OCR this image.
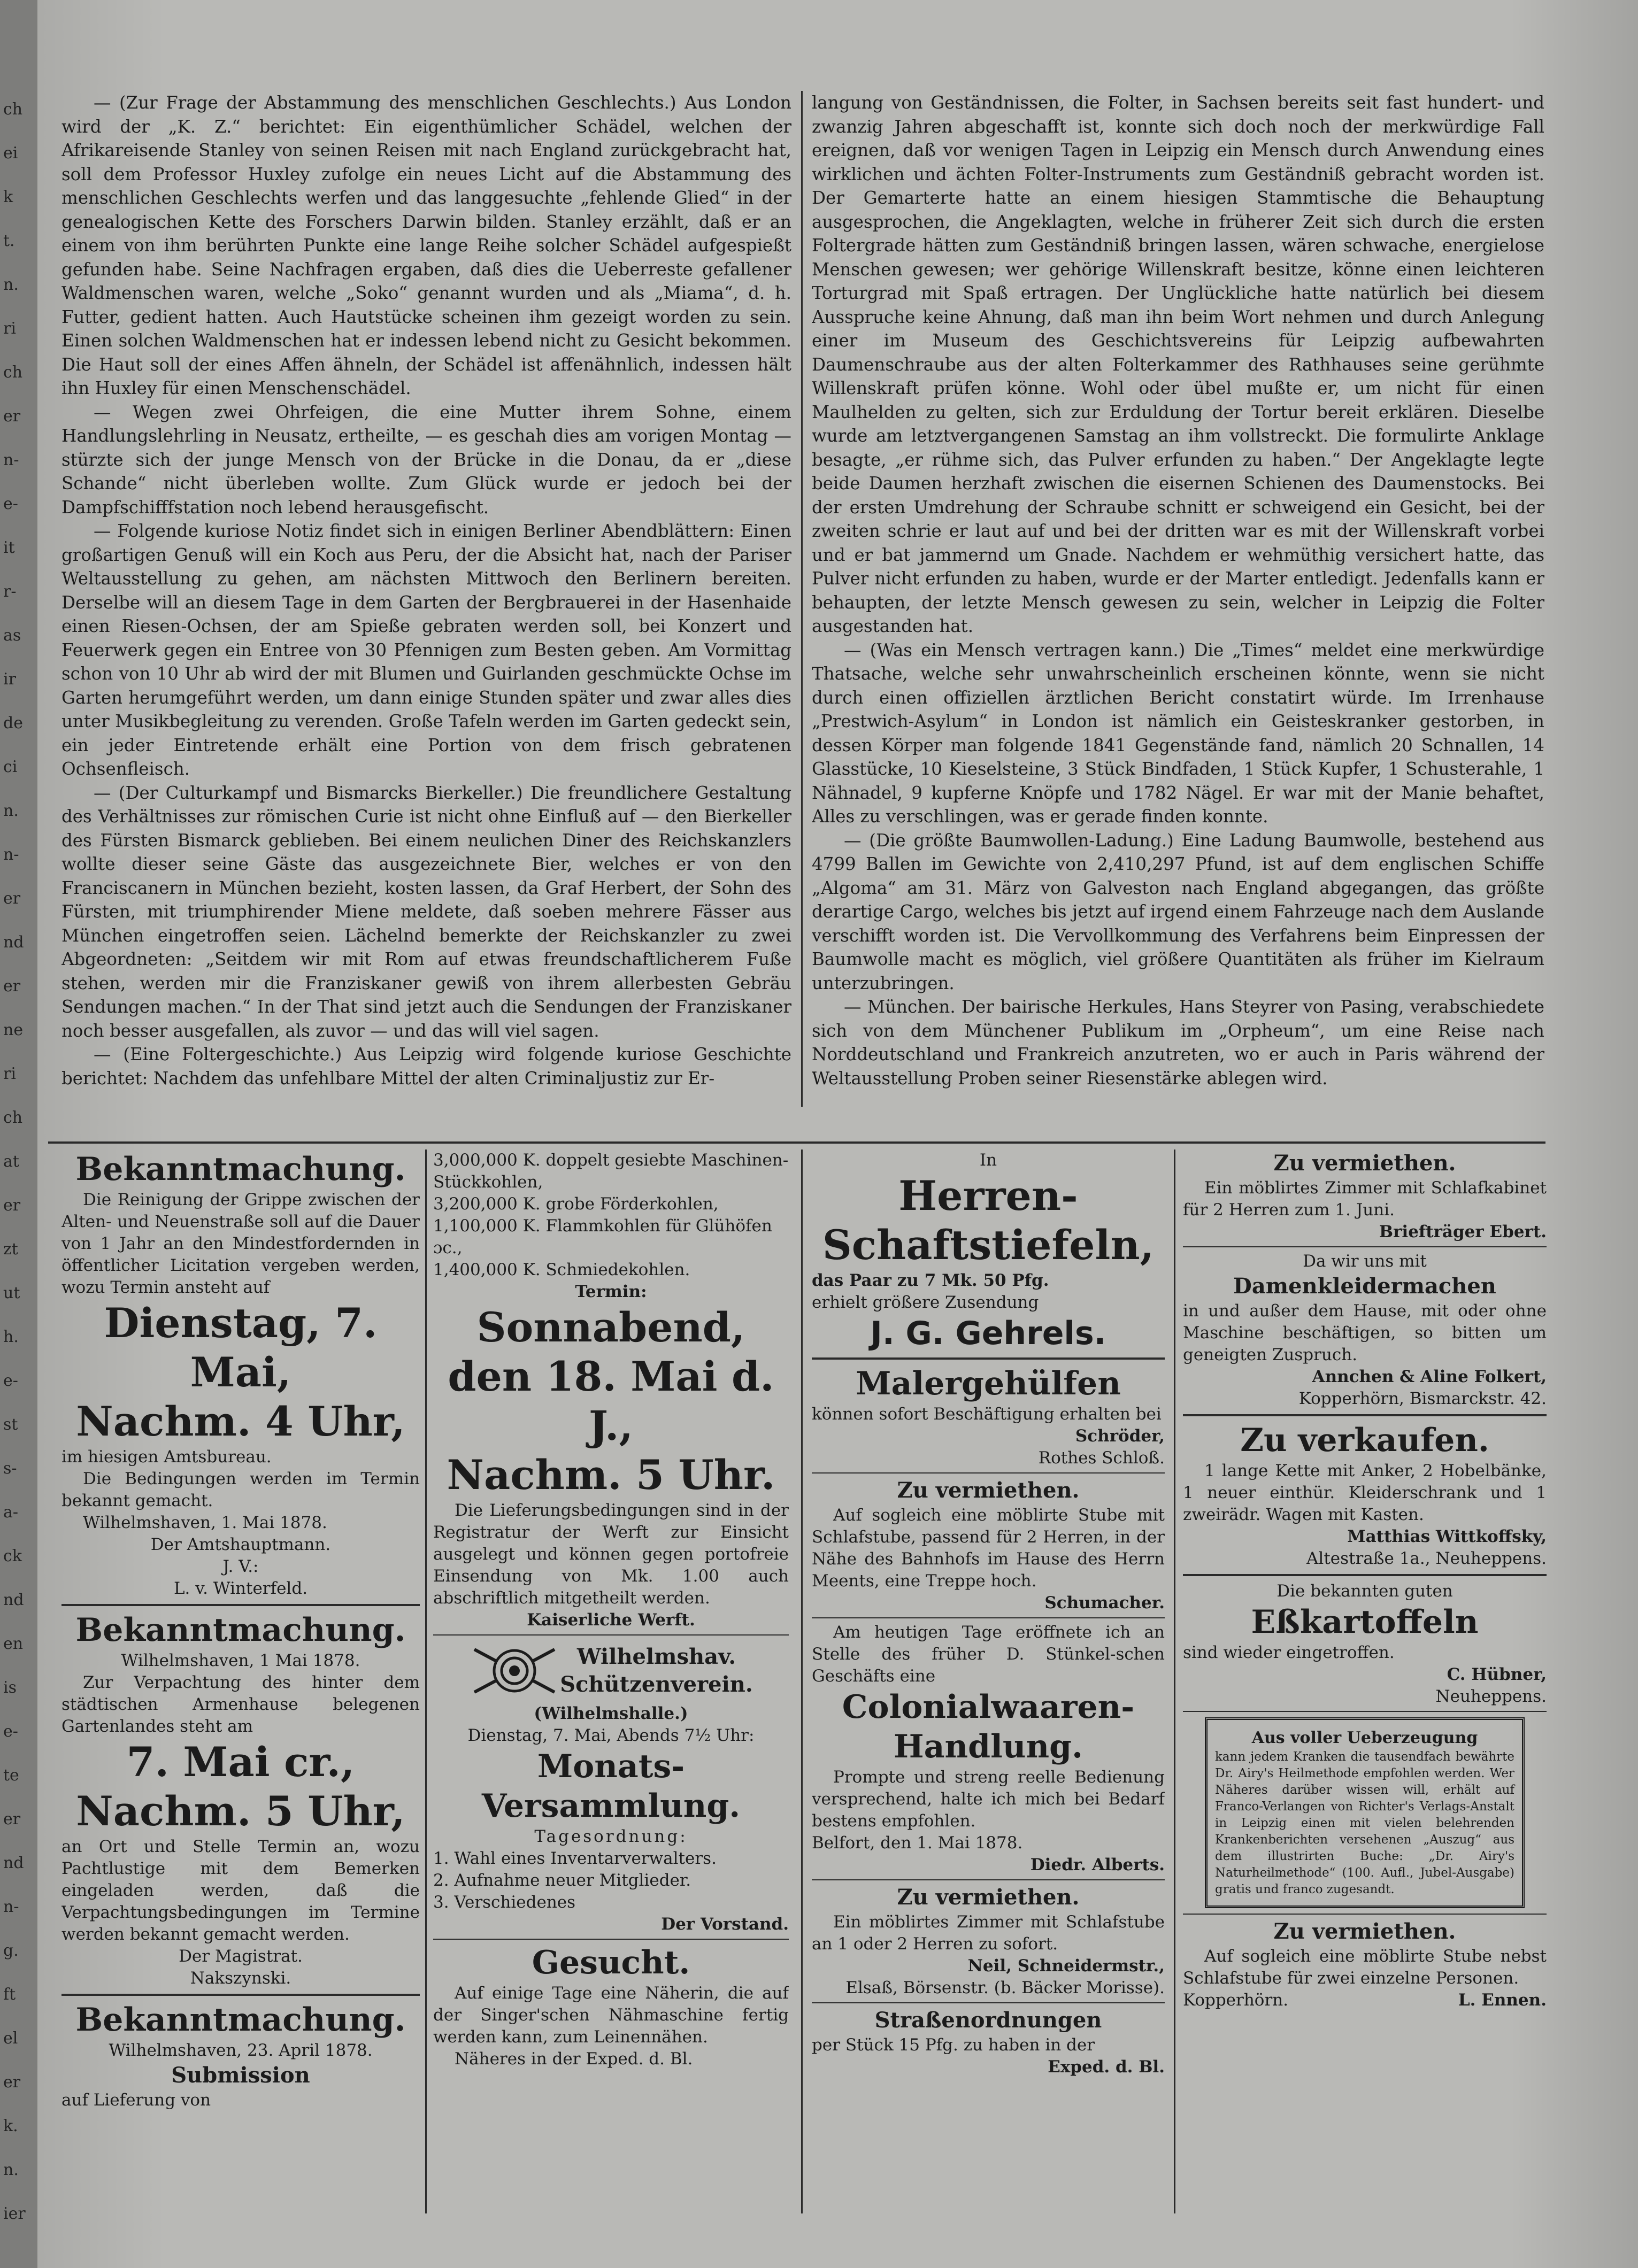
ch
ei
k
t.
n.
ri
ch
er
n-
e-
it
r-
as
ir
de
ci
n.
n-
er
nd
er
ne
ri
ch
at
er
zt
ut
h.
e-
st
s-
a-
ck
nd
en
is
e-
te
er
nd
n-
g.
ft
el
er
k.
n.
ier

— (Zur Frage der Abstammung des menschlichen Geschlechts.) Aus London wird der „K. Z.“ berichtet: Ein eigenthümlicher Schädel, welchen der Afrikareisende Stanley von seinen Reisen mit nach England zurückgebracht hat, soll dem Professor Huxley zufolge ein neues Licht auf die Abstammung des menschlichen Geschlechts werfen und das langgesuchte „fehlende Glied“ in der genealogischen Kette des Forschers Darwin bilden. Stanley erzählt, daß er an einem von ihm berührten Punkte eine lange Reihe solcher Schädel aufgespießt gefunden habe. Seine Nachfragen ergaben, daß dies die Ueberreste gefallener Waldmenschen waren, welche „Soko“ genannt wurden und als „Miama“, d. h. Futter, gedient hatten. Auch Hautstücke scheinen ihm gezeigt worden zu sein. Einen solchen Waldmenschen hat er indessen lebend nicht zu Gesicht bekommen. Die Haut soll der eines Affen ähneln, der Schädel ist affenähnlich, indessen hält ihn Huxley für einen Menschenschädel.

— Wegen zwei Ohrfeigen, die eine Mutter ihrem Sohne, einem Handlungslehrling in Neusatz, ertheilte, — es geschah dies am vorigen Montag — stürzte sich der junge Mensch von der Brücke in die Donau, da er „diese Schande“ nicht überleben wollte. Zum Glück wurde er jedoch bei der Dampfschifffstation noch lebend herausgefischt.

— Folgende kuriose Notiz findet sich in einigen Berliner Abendblättern: Einen großartigen Genuß will ein Koch aus Peru, der die Absicht hat, nach der Pariser Weltausstellung zu gehen, am nächsten Mittwoch den Berlinern bereiten. Derselbe will an diesem Tage in dem Garten der Bergbrauerei in der Hasenhaide einen Riesen-Ochsen, der am Spieße gebraten werden soll, bei Konzert und Feuerwerk gegen ein Entree von 30 Pfennigen zum Besten geben. Am Vormittag schon von 10 Uhr ab wird der mit Blumen und Guirlanden geschmückte Ochse im Garten herumgeführt werden, um dann einige Stunden später und zwar alles dies unter Musikbegleitung zu verenden. Große Tafeln werden im Garten gedeckt sein, ein jeder Eintretende erhält eine Portion von dem frisch gebratenen Ochsenfleisch.

— (Der Culturkampf und Bismarcks Bierkeller.) Die freundlichere Gestaltung des Verhältnisses zur römischen Curie ist nicht ohne Einfluß auf — den Bierkeller des Fürsten Bismarck geblieben. Bei einem neulichen Diner des Reichskanzlers wollte dieser seine Gäste das ausgezeichnete Bier, welches er von den Franciscanern in München bezieht, kosten lassen, da Graf Herbert, der Sohn des Fürsten, mit triumphirender Miene meldete, daß soeben mehrere Fässer aus München eingetroffen seien. Lächelnd bemerkte der Reichskanzler zu zwei Abgeordneten: „Seitdem wir mit Rom auf etwas freundschaftlicherem Fuße stehen, werden mir die Franziskaner gewiß von ihrem allerbesten Gebräu Sendungen machen.“ In der That sind jetzt auch die Sendungen der Franziskaner noch besser ausgefallen, als zuvor — und das will viel sagen.

— (Eine Foltergeschichte.) Aus Leipzig wird folgende kuriose Geschichte berichtet: Nachdem das unfehlbare Mittel der alten Criminaljustiz zur Er-

langung von Geständnissen, die Folter, in Sachsen bereits seit fast hundert- und zwanzig Jahren abgeschafft ist, konnte sich doch noch der merkwürdige Fall ereignen, daß vor wenigen Tagen in Leipzig ein Mensch durch Anwendung eines wirklichen und ächten Folter-Instruments zum Geständniß gebracht worden ist. Der Gemarterte hatte an einem hiesigen Stammtische die Behauptung ausgesprochen, die Angeklagten, welche in früherer Zeit sich durch die ersten Foltergrade hätten zum Geständniß bringen lassen, wären schwache, energielose Menschen gewesen; wer gehörige Willenskraft besitze, könne einen leichteren Torturgrad mit Spaß ertragen. Der Unglückliche hatte natürlich bei diesem Ausspruche keine Ahnung, daß man ihn beim Wort nehmen und durch Anlegung einer im Museum des Geschichtsvereins für Leipzig aufbewahrten Daumenschraube aus der alten Folterkammer des Rathhauses seine gerühmte Willenskraft prüfen könne. Wohl oder übel mußte er, um nicht für einen Maulhelden zu gelten, sich zur Erduldung der Tortur bereit erklären. Dieselbe wurde am letztvergangenen Samstag an ihm vollstreckt. Die formulirte Anklage besagte, „er rühme sich, das Pulver erfunden zu haben.“ Der Angeklagte legte beide Daumen herzhaft zwischen die eisernen Schienen des Daumenstocks. Bei der ersten Umdrehung der Schraube schnitt er schweigend ein Gesicht, bei der zweiten schrie er laut auf und bei der dritten war es mit der Willenskraft vorbei und er bat jammernd um Gnade. Nachdem er wehmüthig versichert hatte, das Pulver nicht erfunden zu haben, wurde er der Marter entledigt. Jedenfalls kann er behaupten, der letzte Mensch gewesen zu sein, welcher in Leipzig die Folter ausgestanden hat.

— (Was ein Mensch vertragen kann.) Die „Times“ meldet eine merkwürdige Thatsache, welche sehr unwahrscheinlich erscheinen könnte, wenn sie nicht durch einen offiziellen ärztlichen Bericht constatirt würde. Im Irrenhause „Prestwich-Asylum“ in London ist nämlich ein Geisteskranker gestorben, in dessen Körper man folgende 1841 Gegenstände fand, nämlich 20 Schnallen, 14 Glasstücke, 10 Kieselsteine, 3 Stück Bindfaden, 1 Stück Kupfer, 1 Schusterahle, 1 Nähnadel, 9 kupferne Knöpfe und 1782 Nägel. Er war mit der Manie behaftet, Alles zu verschlingen, was er gerade finden konnte.

— (Die größte Baumwollen-Ladung.) Eine Ladung Baumwolle, bestehend aus 4799 Ballen im Gewichte von 2,410,297 Pfund, ist auf dem englischen Schiffe „Algoma“ am 31. März von Galveston nach England abgegangen, das größte derartige Cargo, welches bis jetzt auf irgend einem Fahrzeuge nach dem Auslande verschifft worden ist. Die Vervollkommung des Verfahrens beim Einpressen der Baumwolle macht es möglich, viel größere Quantitäten als früher im Kielraum unterzubringen.

— München. Der bairische Herkules, Hans Steyrer von Pasing, verabschiedete sich von dem Münchener Publikum im „Orpheum“, um eine Reise nach Norddeutschland und Frankreich anzutreten, wo er auch in Paris während der Weltausstellung Proben seiner Riesenstärke ablegen wird.

Bekanntmachung.
Die Reinigung der Grippe zwischen der Alten- und Neuenstraße soll auf die Dauer von 1 Jahr an den Mindestfordernden in öffentlicher Licitation vergeben werden, wozu Termin ansteht auf
Dienstag, 7. Mai,
Nachm. 4 Uhr,
im hiesigen Amtsbureau.
Die Bedingungen werden im Termin bekannt gemacht.
Wilhelmshaven, 1. Mai 1878.
Der Amtshauptmann.
J. V.:
L. v. Winterfeld.
Bekanntmachung.
Wilhelmshaven, 1 Mai 1878.
Zur Verpachtung des hinter dem städtischen Armenhause belegenen Gartenlandes steht am
7. Mai cr.,
Nachm. 5 Uhr,
an Ort und Stelle Termin an, wozu Pachtlustige mit dem Bemerken eingeladen werden, daß die Verpachtungsbedingungen im Termine werden bekannt gemacht werden.
Der Magistrat.
Nakszynski.
Bekanntmachung.
Wilhelmshaven, 23. April 1878.
Submission
auf Lieferung von
3,000,000 K. doppelt gesiebte Maschinen-Stückkohlen,
3,200,000 K. grobe Förderkohlen,
1,100,000 K. Flammkohlen für Glühöfen ɔc.,
1,400,000 K. Schmiedekohlen.
Termin:
Sonnabend,
den 18. Mai d. J.,
Nachm. 5 Uhr.
Die Lieferungsbedingungen sind in der Registratur der Werft zur Einsicht ausgelegt und können gegen portofreie Einsendung von Mk. 1.00 auch abschriftlich mitgetheilt werden.
Kaiserliche Werft.
Wilhelmshav.
Schützenverein.
(Wilhelmshalle.)
Dienstag, 7. Mai, Abends 7½ Uhr:
Monats-
Versammlung.
Tagesordnung:
1. Wahl eines Inventarverwalters.
2. Aufnahme neuer Mitglieder.
3. Verschiedenes
Der Vorstand.
Gesucht.
Auf einige Tage eine Näherin, die auf der Singer'schen Nähmaschine fertig werden kann, zum Leinennähen.
Näheres in der Exped. d. Bl.
In
Herren-
Schaftstiefeln,
das Paar zu 7 Mk. 50 Pfg.
erhielt größere Zusendung
J. G. Gehrels.
Malergehülfen
können sofort Beschäftigung erhalten bei
Schröder,
Rothes Schloß.
Zu vermiethen.
Auf sogleich eine möblirte Stube mit Schlafstube, passend für 2 Herren, in der Nähe des Bahnhofs im Hause des Herrn Meents, eine Treppe hoch.
Schumacher.
Am heutigen Tage eröffnete ich an Stelle des früher D. Stünkel-schen Geschäfts eine
Colonialwaaren-
Handlung.
Prompte und streng reelle Bedienung versprechend, halte ich mich bei Bedarf bestens empfohlen.
Belfort, den 1. Mai 1878.
Diedr. Alberts.
Zu vermiethen.
Ein möblirtes Zimmer mit Schlafstube an 1 oder 2 Herren zu sofort.
Neil, Schneidermstr.,
Elsaß, Börsenstr. (b. Bäcker Morisse).
Straßenordnungen
per Stück 15 Pfg. zu haben in der
Exped. d. Bl.
Zu vermiethen.
Ein möblirtes Zimmer mit Schlafkabinet für 2 Herren zum 1. Juni.
Briefträger Ebert.
Da wir uns mit
Damenkleidermachen
in und außer dem Hause, mit oder ohne Maschine beschäftigen, so bitten um geneigten Zuspruch.
Annchen & Aline Folkert,
Kopperhörn, Bismarckstr. 42.
Zu verkaufen.
1 lange Kette mit Anker, 2 Hobelbänke, 1 neuer einthür. Kleiderschrank und 1 zweirädr. Wagen mit Kasten.
Matthias Wittkoffsky,
Altestraße 1a., Neuheppens.
Die bekannten guten
Eßkartoffeln
sind wieder eingetroffen.
C. Hübner,
Neuheppens.
Aus voller Ueberzeugung
kann jedem Kranken die tausendfach bewährte Dr. Airy's Heilmethode empfohlen werden. Wer Näheres darüber wissen will, erhält auf Franco-Verlangen von Richter's Verlags-Anstalt in Leipzig einen mit vielen belehrenden Krankenberichten versehenen „Auszug“ aus dem illustrirten Buche: „Dr. Airy's Naturheilmethode“ (100. Aufl., Jubel-Ausgabe) gratis und franco zugesandt.
Zu vermiethen.
Auf sogleich eine möblirte Stube nebst Schlafstube für zwei einzelne Personen.
Kopperhörn.	L. Ennen.
